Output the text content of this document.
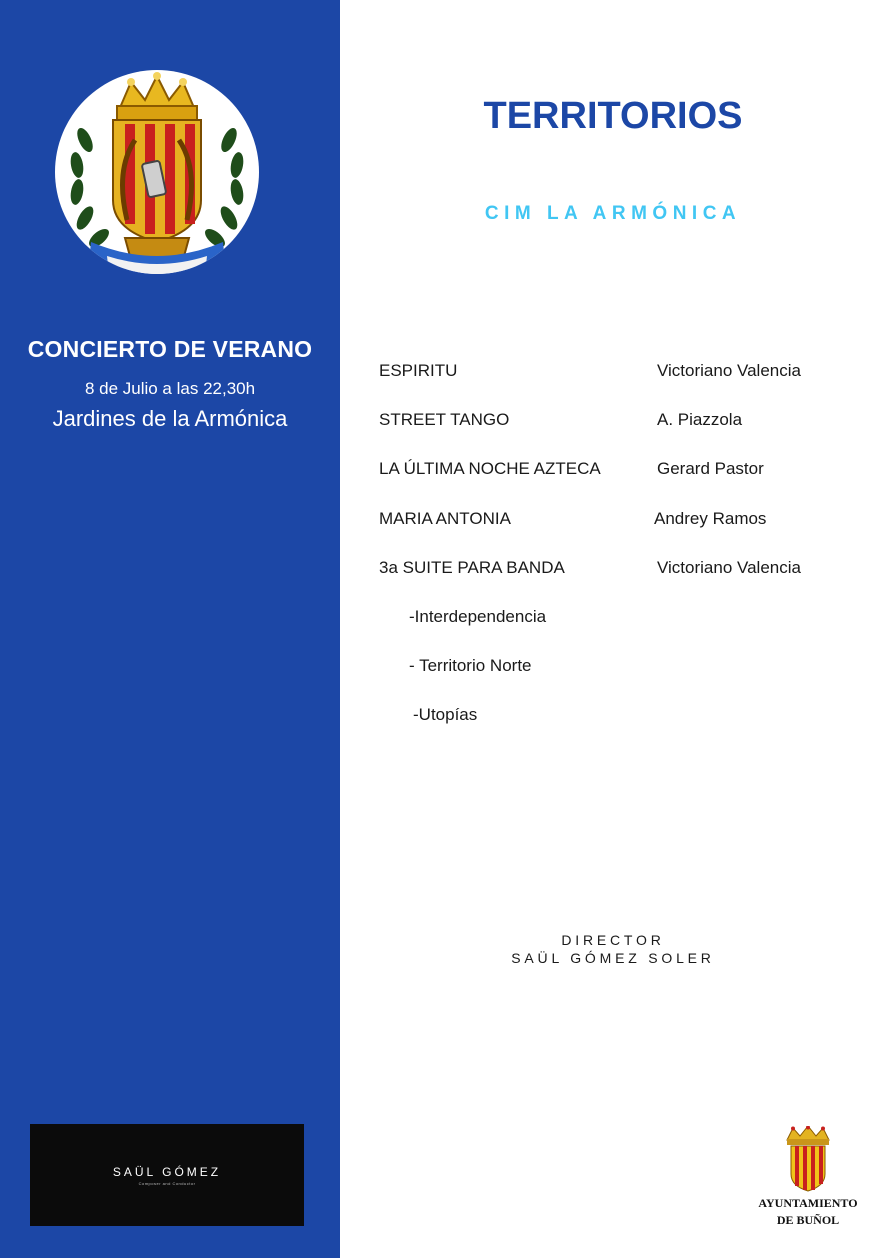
CONCIERTO DE VERANO
8 de Julio a las 22,30h
Jardines de la Armónica
SAÜL GÓMEZ
Composer and Conductor
TERRITORIOS
CIM LA ARMÓNICA
ESPIRITU	Victoriano Valencia
STREET TANGO	A. Piazzola
LA ÚLTIMA NOCHE AZTECA	Gerard Pastor
MARIA ANTONIA	Andrey Ramos
3a SUITE PARA BANDA	Victoriano Valencia
-Interdependencia
- Territorio Norte
-Utopías
DIRECTOR
SAÜL GÓMEZ SOLER
AYUNTAMIENTO
DE BUÑOL
